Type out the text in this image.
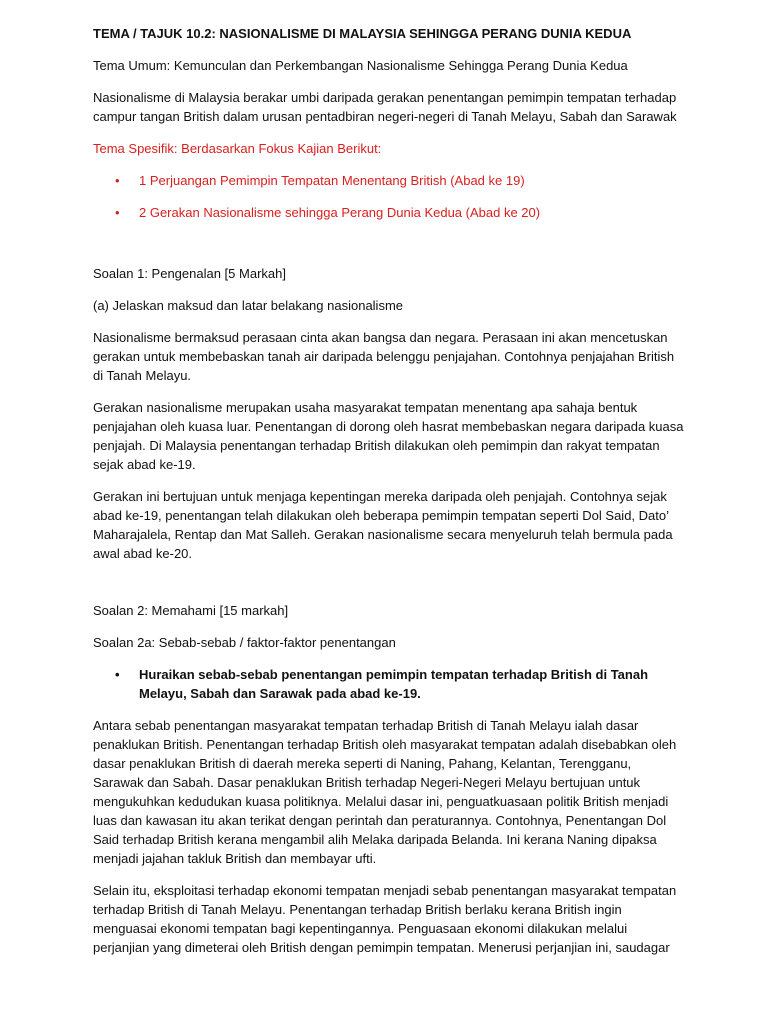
TEMA / TAJUK 10.2: NASIONALISME DI MALAYSIA SEHINGGA PERANG DUNIA KEDUA

Tema Umum: Kemunculan dan Perkembangan Nasionalisme Sehingga Perang Dunia Kedua

Nasionalisme di Malaysia berakar umbi daripada gerakan penentangan pemimpin tempatan terhadap campur tangan British dalam urusan pentadbiran negeri-negeri di Tanah Melayu, Sabah dan Sarawak

Tema Spesifik: Berdasarkan Fokus Kajian Berikut:

• 1 Perjuangan Pemimpin Tempatan Menentang British (Abad ke 19)
• 2 Gerakan Nasionalisme sehingga Perang Dunia Kedua (Abad ke 20)

Soalan 1: Pengenalan [5 Markah]

(a) Jelaskan maksud dan latar belakang nasionalisme

Nasionalisme bermaksud perasaan cinta akan bangsa dan negara. Perasaan ini akan mencetuskan gerakan untuk membebaskan tanah air daripada belenggu penjajahan. Contohnya penjajahan British di Tanah Melayu.

Gerakan nasionalisme merupakan usaha masyarakat tempatan menentang apa sahaja bentuk penjajahan oleh kuasa luar. Penentangan di dorong oleh hasrat membebaskan negara daripada kuasa penjajah. Di Malaysia penentangan terhadap British dilakukan oleh pemimpin dan rakyat tempatan sejak abad ke-19.

Gerakan ini bertujuan untuk menjaga kepentingan mereka daripada oleh penjajah. Contohnya sejak abad ke-19, penentangan telah dilakukan oleh beberapa pemimpin tempatan seperti Dol Said, Dato’ Maharajalela, Rentap dan Mat Salleh. Gerakan nasionalisme secara menyeluruh telah bermula pada awal abad ke-20.

Soalan 2: Memahami [15 markah]

Soalan 2a: Sebab-sebab / faktor-faktor penentangan

• Huraikan sebab-sebab penentangan pemimpin tempatan terhadap British di Tanah Melayu, Sabah dan Sarawak pada abad ke-19.

Antara sebab penentangan masyarakat tempatan terhadap British di Tanah Melayu ialah dasar penaklukan British. Penentangan terhadap British oleh masyarakat tempatan adalah disebabkan oleh dasar penaklukan British di daerah mereka seperti di Naning, Pahang, Kelantan, Terengganu, Sarawak dan Sabah. Dasar penaklukan British terhadap Negeri-Negeri Melayu bertujuan untuk mengukuhkan kedudukan kuasa politiknya. Melalui dasar ini, penguatkuasaan politik British menjadi luas dan kawasan itu akan terikat dengan perintah dan peraturannya. Contohnya, Penentangan Dol Said terhadap British kerana mengambil alih Melaka daripada Belanda. Ini kerana Naning dipaksa menjadi jajahan takluk British dan membayar ufti.

Selain itu, eksploitasi terhadap ekonomi tempatan menjadi sebab penentangan masyarakat tempatan terhadap British di Tanah Melayu. Penentangan terhadap British berlaku kerana British ingin menguasai ekonomi tempatan bagi kepentingannya. Penguasaan ekonomi dilakukan melalui perjanjian yang dimeterai oleh British dengan pemimpin tempatan. Menerusi perjanjian ini, saudagar
